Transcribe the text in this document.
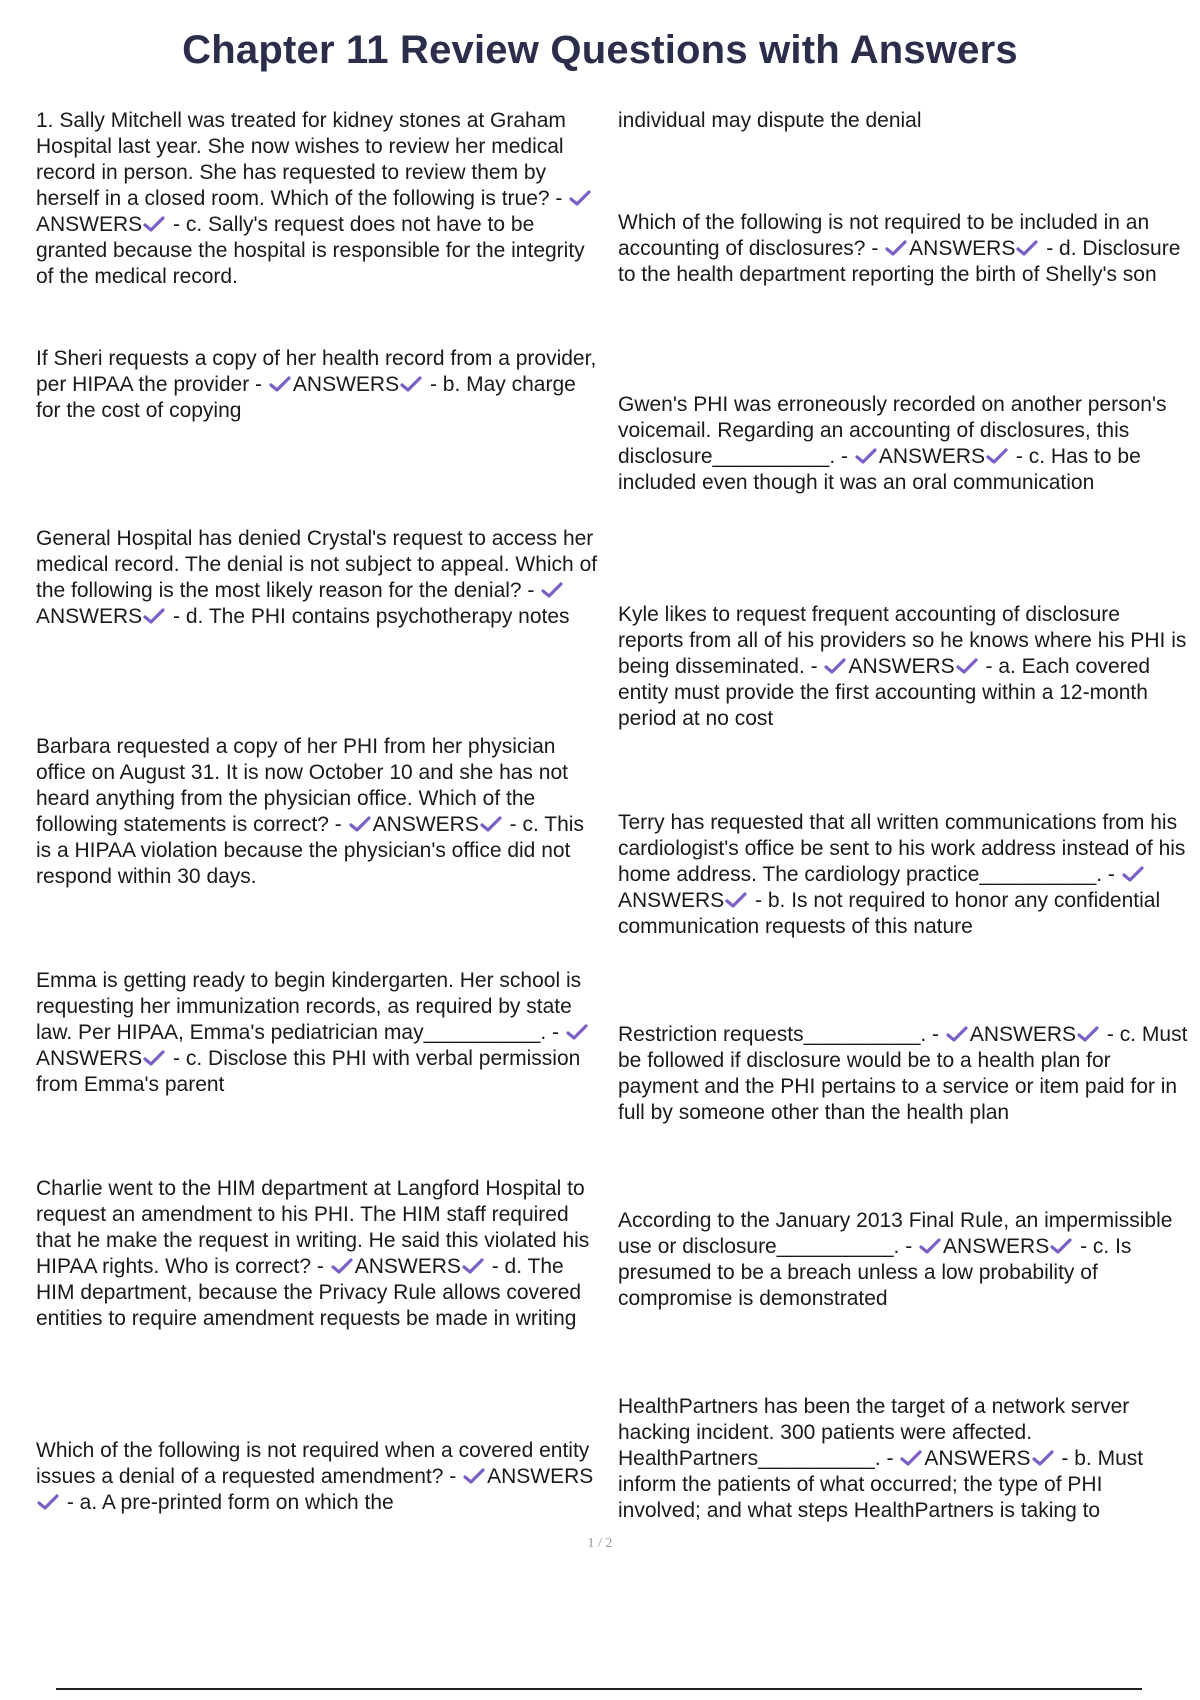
Chapter 11 Review Questions with Answers

1. Sally Mitchell was treated for kidney stones at Graham Hospital last year. She now wishes to review her medical record in person. She has requested to review them by herself in a closed room. Which of the following is true? -
ANSWERS - c. Sally's request does not have to be granted because the hospital is responsible for the integrity of the medical record.

If Sheri requests a copy of her health record from a provider, per HIPAA the provider - ANSWERS - b. May charge for the cost of copying

General Hospital has denied Crystal's request to access her medical record. The denial is not subject to appeal. Which of the following is the most likely reason for the denial? -
ANSWERS - d. The PHI contains psychotherapy notes

Barbara requested a copy of her PHI from her physician office on August 31. It is now October 10 and she has not heard anything from the physician office. Which of the following statements is correct? - ANSWERS - c. This is a HIPAA violation because the physician's office did not respond within 30 days.

Emma is getting ready to begin kindergarten. Her school is requesting her immunization records, as required by state law. Per HIPAA, Emma's pediatrician may__________. -
ANSWERS - c. Disclose this PHI with verbal permission from Emma's parent

Charlie went to the HIM department at Langford Hospital to request an amendment to his PHI. The HIM staff required that he make the request in writing. He said this violated his HIPAA rights. Who is correct? - ANSWERS - d. The HIM department, because the Privacy Rule allows covered entities to require amendment requests be made in writing

Which of the following is not required when a covered entity issues a denial of a requested amendment? - ANSWERS
- a. A pre-printed form on which the

individual may dispute the denial

Which of the following is not required to be included in an accounting of disclosures? - ANSWERS - d. Disclosure to the health department reporting the birth of Shelly's son

Gwen's PHI was erroneously recorded on another person's voicemail. Regarding an accounting of disclosures, this disclosure__________. - ANSWERS - c. Has to be included even though it was an oral communication

Kyle likes to request frequent accounting of disclosure reports from all of his providers so he knows where his PHI is being disseminated. - ANSWERS - a. Each covered entity must provide the first accounting within a 12-month period at no cost

Terry has requested that all written communications from his cardiologist's office be sent to his work address instead of his home address. The cardiology practice__________. -
ANSWERS - b. Is not required to honor any confidential communication requests of this nature

Restriction requests__________. - ANSWERS - c. Must be followed if disclosure would be to a health plan for payment and the PHI pertains to a service or item paid for in full by someone other than the health plan

According to the January 2013 Final Rule, an impermissible use or disclosure__________. - ANSWERS - c. Is presumed to be a breach unless a low probability of compromise is demonstrated

HealthPartners has been the target of a network server hacking incident. 300 patients were affected. HealthPartners__________. - ANSWERS - b. Must inform the patients of what occurred; the type of PHI involved; and what steps HealthPartners is taking to

1 / 2
